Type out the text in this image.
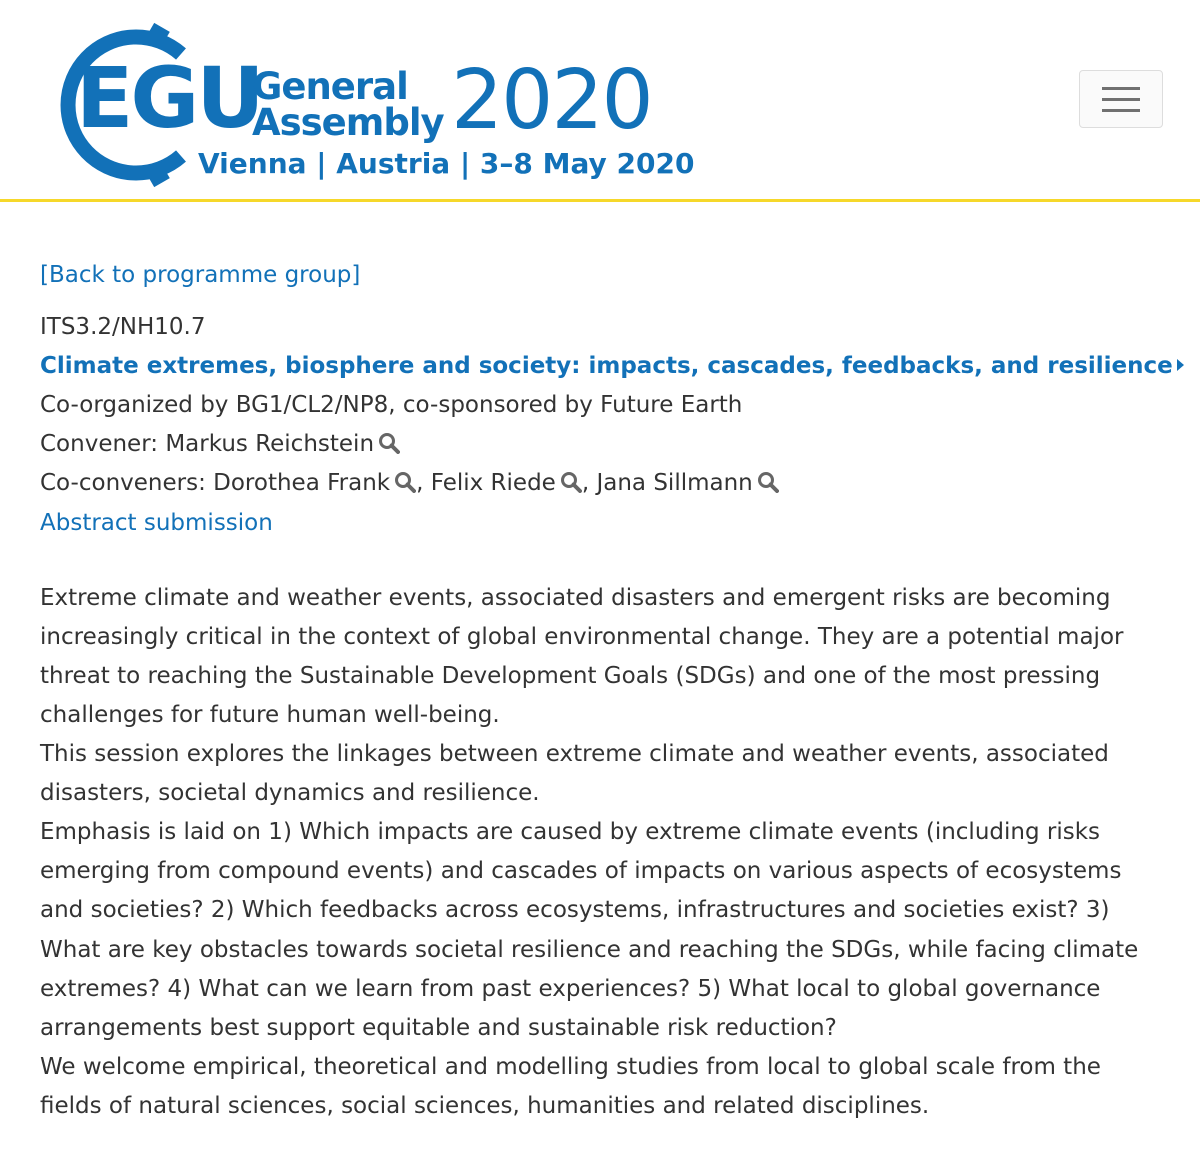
EGU
General
Assembly 2020
Vienna | Austria | 3–8 May 2020
[Back to programme group]
ITS3.2/NH10.7
Climate extremes, biosphere and society: impacts, cascades, feedbacks, and resilience
Co-organized by BG1/CL2/NP8, co-sponsored by Future Earth
Convener: Markus Reichstein
Co-conveners: Dorothea Frank , Felix Riede , Jana Sillmann
Abstract submission

Extreme climate and weather events, associated disasters and emergent risks are becoming increasingly critical in the context of global environmental change. They are a potential major threat to reaching the Sustainable Development Goals (SDGs) and one of the most pressing challenges for future human well-being.

This session explores the linkages between extreme climate and weather events, associated disasters, societal dynamics and resilience.

Emphasis is laid on 1) Which impacts are caused by extreme climate events (including risks emerging from compound events) and cascades of impacts on various aspects of ecosystems and societies? 2) Which feedbacks across ecosystems, infrastructures and societies exist? 3) What are key obstacles towards societal resilience and reaching the SDGs, while facing climate extremes? 4) What can we learn from past experiences? 5) What local to global governance arrangements best support equitable and sustainable risk reduction?

We welcome empirical, theoretical and modelling studies from local to global scale from the fields of natural sciences, social sciences, humanities and related disciplines.
